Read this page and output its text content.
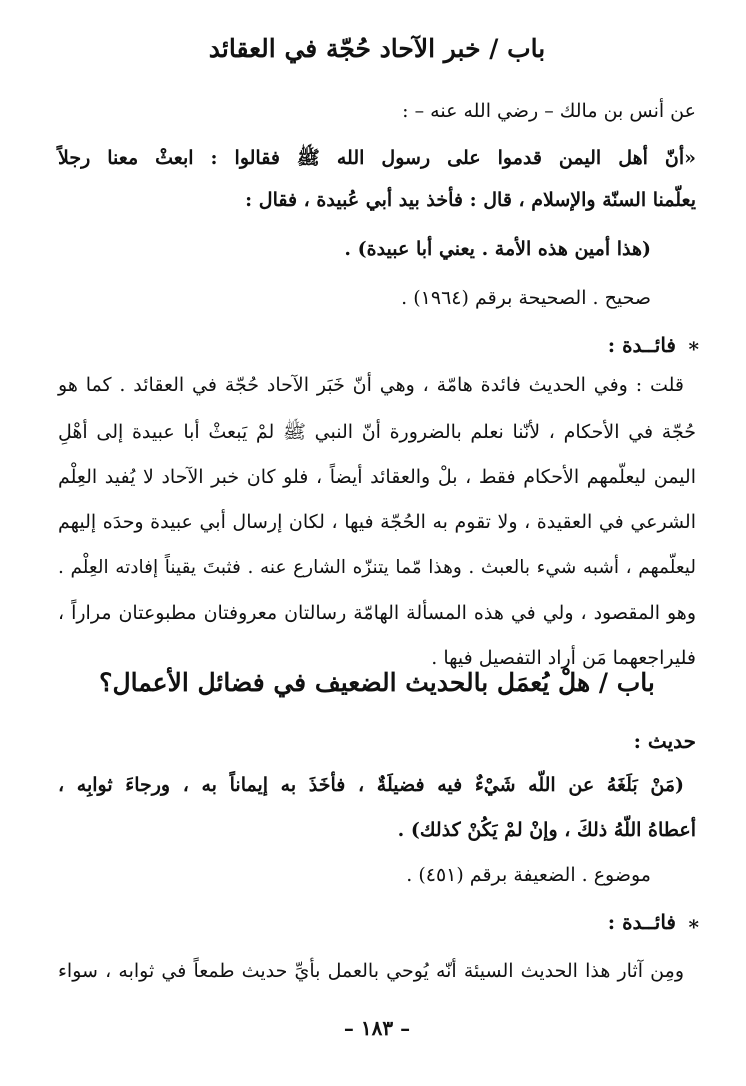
باب / خبر الآحاد حُجّة في العقائد
عن أنس بن مالك – رضي الله عنه – :
«أنّ أهل اليمن قدموا على رسول الله ﷺ فقالوا : ابعثْ معنا رجلاً
يعلّمنا السنّة والإسلام ، قال : فأخذ بيد أبي عُبيدة ، فقال :
(هذا أمين هذه الأمة . يعني أبا عبيدة) .
صحيح . الصحيحة برقم (١٩٦٤) .
*
فائــدة :
قلت : وفي الحديث فائدة هامّة ، وهي أنّ خَبَر الآحاد حُجّة في العقائد . كما هو
حُجّة في الأحكام ، لأنّنا نعلم بالضرورة أنّ النبي ﷺ لمْ يَبعثْ أبا عبيدة إلى أهْلِ
اليمن ليعلّمهم الأحكام فقط ، بلْ والعقائد أيضاً ، فلو كان خبر الآحاد لا يُفيد العِلْم
الشرعي في العقيدة ، ولا تقوم به الحُجّة فيها ، لكان إرسال أبي عبيدة وحدَه إليهم
ليعلّمهم ، أشبه شيء بالعبث . وهذا مّما يتنزّه الشارع عنه . فثبتَ يقيناً إفادته العِلْم .
وهو المقصود ، ولي في هذه المسألة الهامّة رسالتان معروفتان مطبوعتان مراراً ،
فليراجعهما مَن أراد التفصيل فيها .
باب / هلْ يُعمَل بالحديث الضعيف في فضائل الأعمال؟
حديث :
(مَنْ بَلَغَهُ عن اللّه شَيْءٌ فيه فضيلَةٌ ، فأخَذَ به إيماناً به ، ورجاءَ ثوابِه ،
أعطاهُ اللّهُ ذلكَ ، وإنْ لمْ يَكُنْ كذلك) .
موضوع . الضعيفة برقم (٤٥١) .
*
فائــدة :
ومِن آثار هذا الحديث السيئة أنّه يُوحي بالعمل بأيِّ حديث طمعاً في ثوابه ، سواء
– ١٨٣ –
